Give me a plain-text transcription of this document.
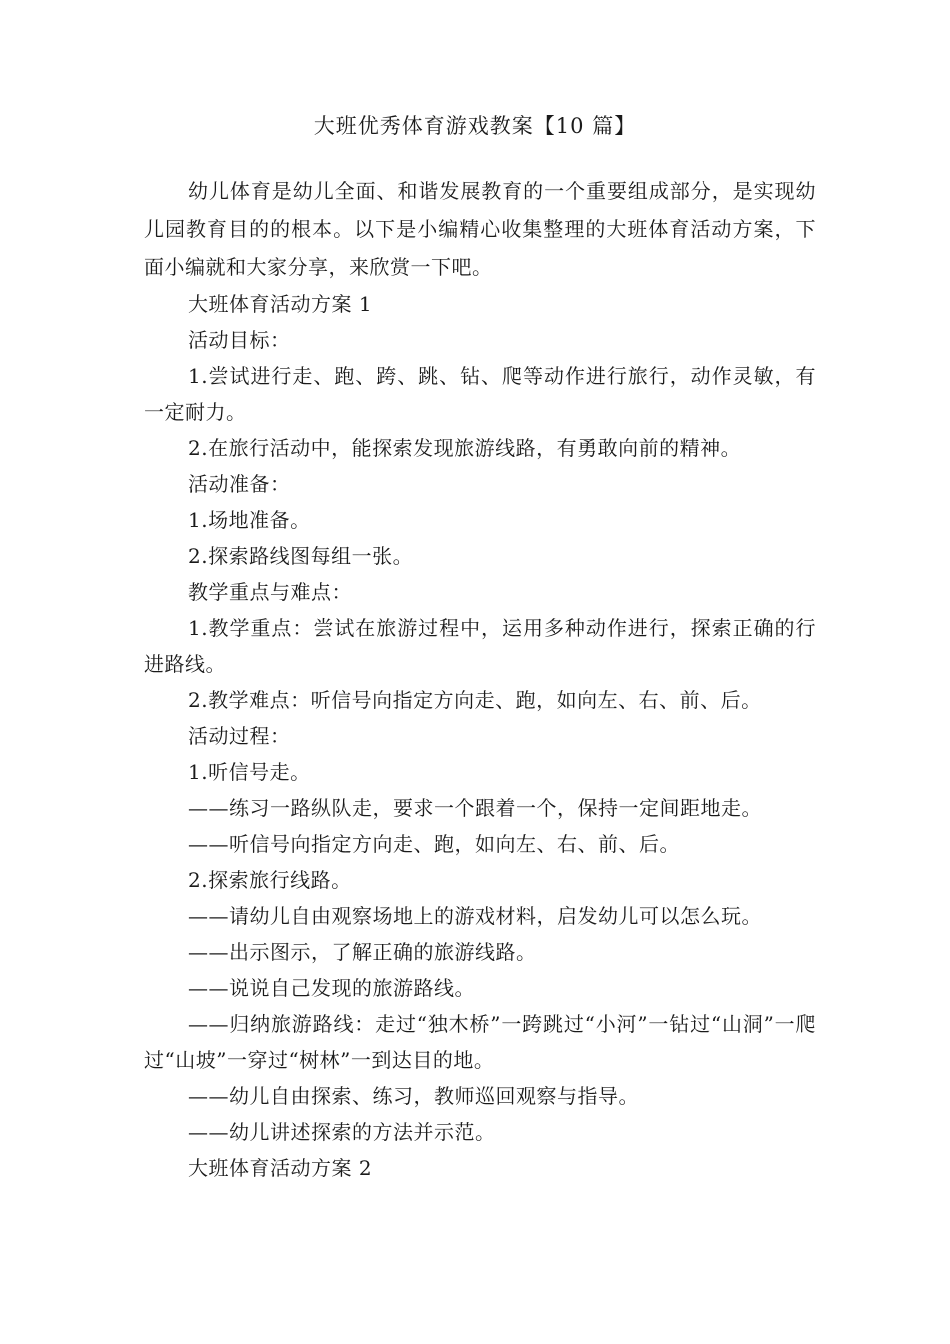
大班优秀体育游戏教案【10 篇】

幼儿体育是幼儿全面、和谐发展教育的一个重要组成部分，是实现幼儿园教育目的的根本。以下是小编精心收集整理的大班体育活动方案，下面小编就和大家分享，来欣赏一下吧。

大班体育活动方案 1

活动目标：

1.尝试进行走、跑、跨、跳、钻、爬等动作进行旅行，动作灵敏，有一定耐力。

2.在旅行活动中，能探索发现旅游线路，有勇敢向前的精神。

活动准备：

1.场地准备。

2.探索路线图每组一张。

教学重点与难点：

1.教学重点：尝试在旅游过程中，运用多种动作进行，探索正确的行进路线。

2.教学难点：听信号向指定方向走、跑，如向左、右、前、后。

活动过程：

1.听信号走。

——练习一路纵队走，要求一个跟着一个，保持一定间距地走。

——听信号向指定方向走、跑，如向左、右、前、后。

2.探索旅行线路。

——请幼儿自由观察场地上的游戏材料，启发幼儿可以怎么玩。

——出示图示，了解正确的旅游线路。

——说说自己发现的旅游路线。

——归纳旅游路线：走过“独木桥”一跨跳过“小河”一钻过“山洞”一爬过“山坡”一穿过“树林”一到达目的地。

——幼儿自由探索、练习，教师巡回观察与指导。

——幼儿讲述探索的方法并示范。

大班体育活动方案 2
